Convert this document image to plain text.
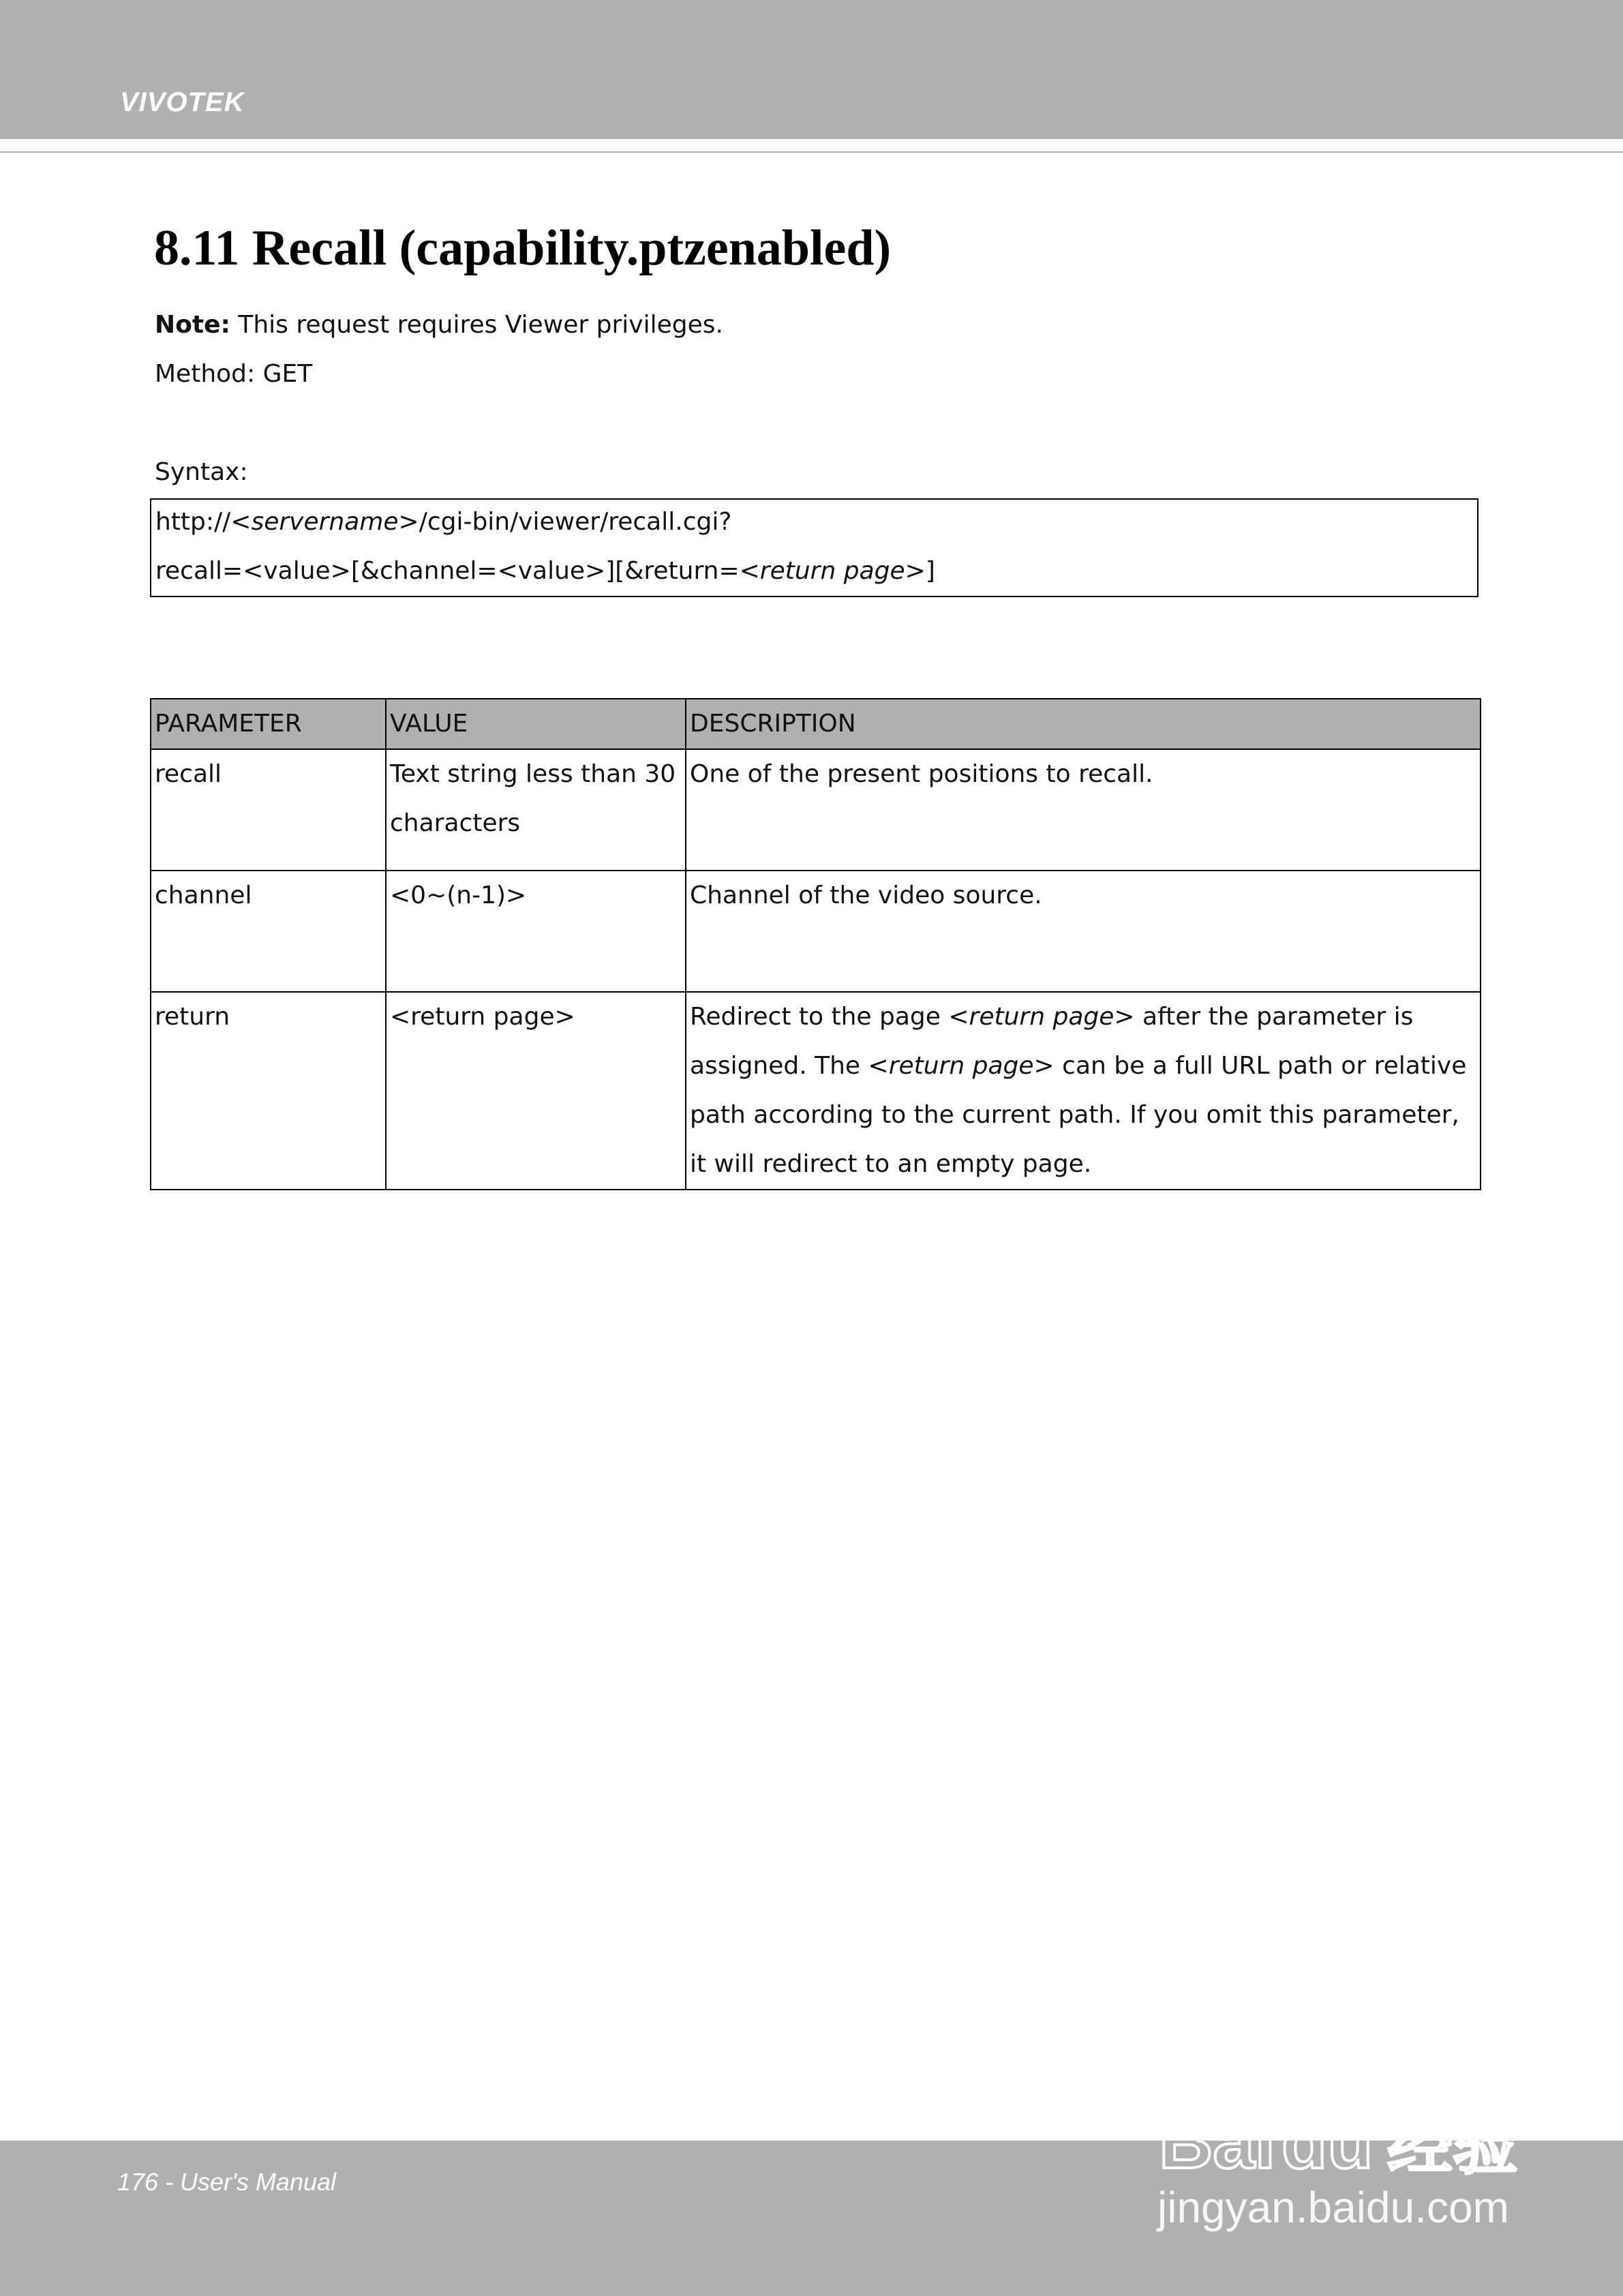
VIVOTEK
8.11 Recall (capability.ptzenabled)
Note: This request requires Viewer privileges.
Method: GET
Syntax:
http://<servername>/cgi-bin/viewer/recall.cgi?
recall=<value>[&channel=<value>][&return=<return page>]
PARAMETER	VALUE	DESCRIPTION
recall	Text string less than 30 characters	One of the present positions to recall.
channel	<0~(n-1)>	Channel of the video source.
return	<return page>	Redirect to the page <return page> after the parameter is assigned. The <return page> can be a full URL path or relative path according to the current path. If you omit this parameter, it will redirect to an empty page.
176 - User's Manual	Bai du 经验
jingyan.baidu.com
